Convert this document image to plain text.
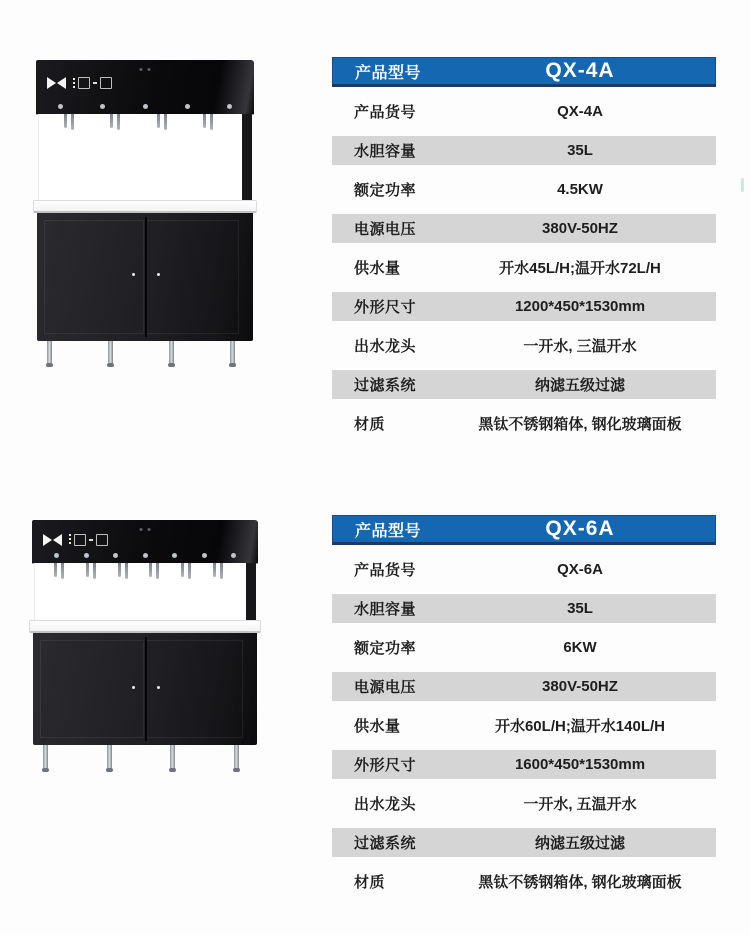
产品型号	QX-4A
产品货号	QX-4A
水胆容量	35L
额定功率	4.5KW
电源电压	380V-50HZ
供水量	开水45L/H;温开水72L/H
外形尺寸	1200*450*1530mm
出水龙头	一开水, 三温开水
过滤系统	纳滤五级过滤
材质	黑钛不锈钢箱体, 钢化玻璃面板
产品型号	QX-6A
产品货号	QX-6A
水胆容量	35L
额定功率	6KW
电源电压	380V-50HZ
供水量	开水60L/H;温开水140L/H
外形尺寸	1600*450*1530mm
出水龙头	一开水, 五温开水
过滤系统	纳滤五级过滤
材质	黑钛不锈钢箱体, 钢化玻璃面板
